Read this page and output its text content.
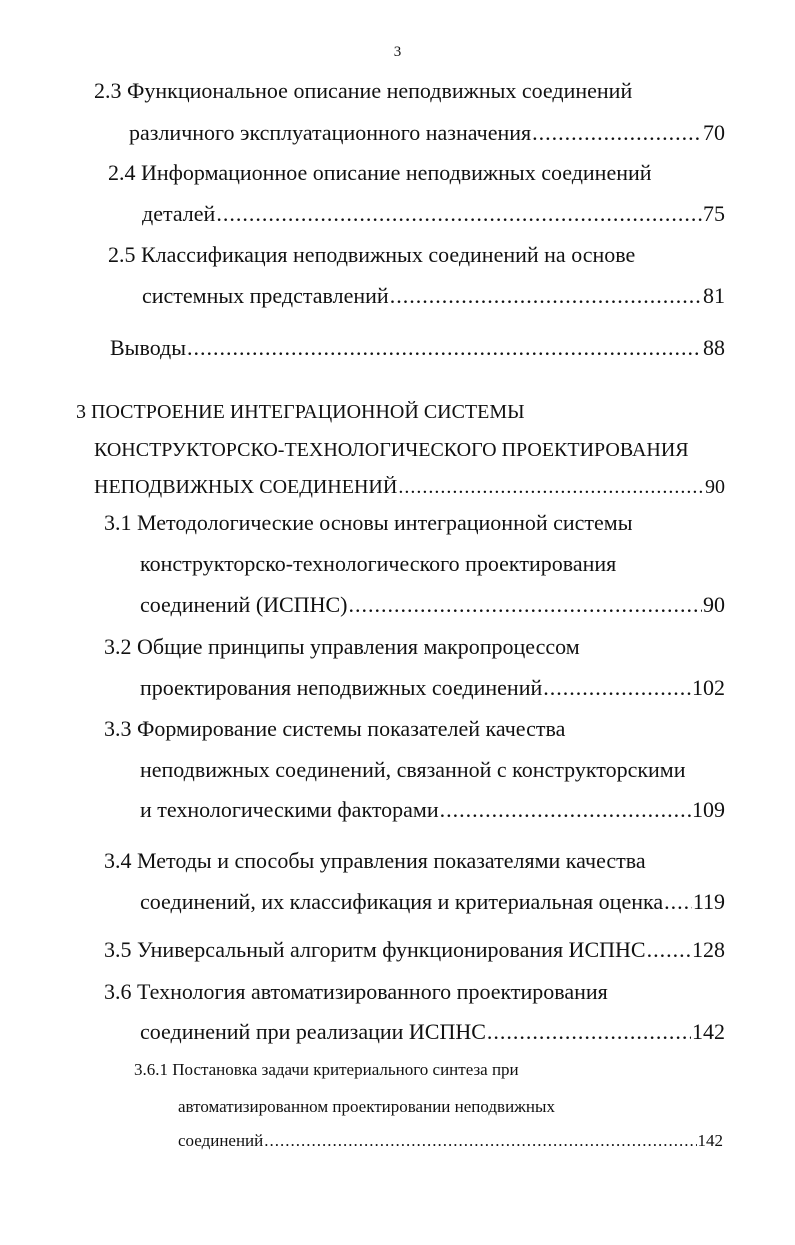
3
2.3 Функциональное описание неподвижных соединений
различного эксплуатационного назначения .....	70
2.4 Информационное описание неподвижных соединений
деталей .....	75
2.5 Классификация неподвижных соединений на основе
системных представлений .....	81
Выводы .....	88
3 ПОСТРОЕНИЕ ИНТЕГРАЦИОННОЙ СИСТЕМЫ
КОНСТРУКТОРСКО-ТЕХНОЛОГИЧЕСКОГО ПРОЕКТИРОВАНИЯ
НЕПОДВИЖНЫХ СОЕДИНЕНИЙ .....	90
3.1 Методологические основы интеграционной системы
конструкторско-технологического проектирования
соединений (ИСПНС) .....	90
3.2 Общие принципы управления макропроцессом
проектирования неподвижных соединений .....	102
3.3 Формирование системы показателей качества
неподвижных соединений, связанной с конструкторскими
и технологическими факторами .....	109
3.4 Методы и способы управления показателями качества
соединений, их классификация и критериальная оценка ..... 119
3.5 Универсальный алгоритм функционирования ИСПНС ..... 128
3.6 Технология автоматизированного проектирования
соединений при реализации ИСПНС .....	142
3.6.1 Постановка задачи критериального синтеза при
автоматизированном проектировании неподвижных
соединений .....	142
